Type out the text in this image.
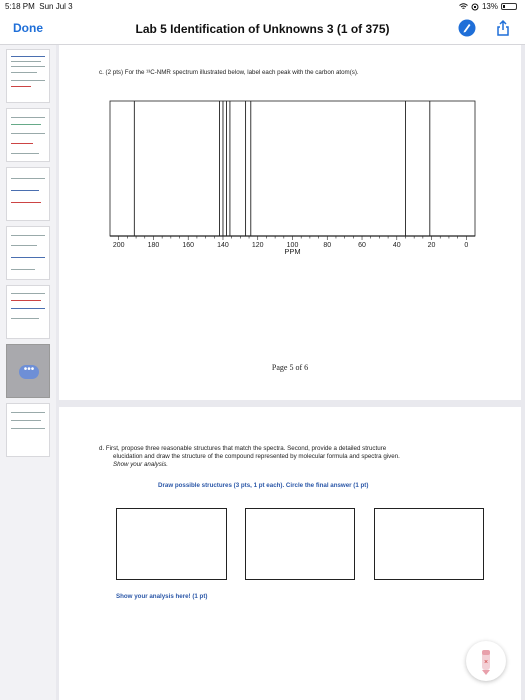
5:18 PM Sun Jul 3	13%
Done	Lab 5 Identification of Unknowns 3 (1 of 375)
•••
c. (2 pts) For the ¹³C-NMR spectrum illustrated below, label each peak with the carbon atom(s).
200	180	160	140	120	100	80	60	40	20	0
PPM
Page 5 of 6
d. First, propose three reasonable structures that match the spectra. Second, provide a detailed structure
elucidation and draw the structure of the compound represented by molecular formula and spectra given.
Show your analysis.
Draw possible structures (3 pts, 1 pt each). Circle the final answer (1 pt)
Show your analysis here! (1 pt)
×
